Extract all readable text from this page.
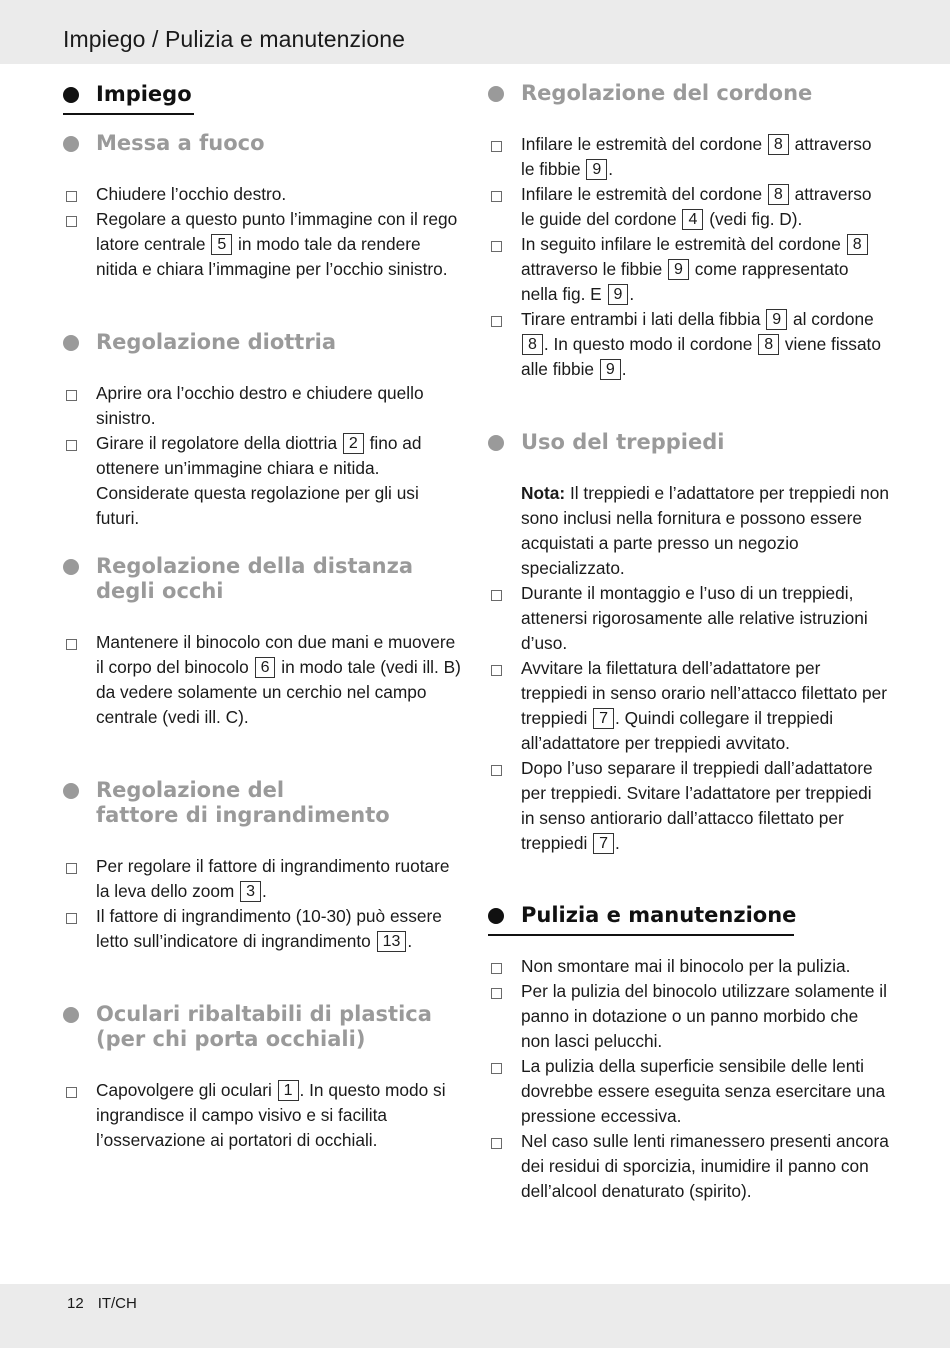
Impiego / Pulizia e manutenzione
Impiego
Messa a fuoco
Chiudere l’occhio destro.
Regolare a questo punto l’immagine con il rego latore centrale 5 in modo tale da rendere nitida e chiara l’immagine per l’occhio sinistro.
Regolazione diottria
Aprire ora l’occhio destro e chiudere quello sinistro.
Girare il regolatore della diottria 2 fino ad ottenere un’immagine chiara e nitida. Considerate questa regolazione per gli usi futuri.
Regolazione della distanza
degli occhi
Mantenere il binocolo con due mani e muovere il corpo del binocolo 6 in modo tale (vedi ill. B) da vedere solamente un cerchio nel campo centrale (vedi ill. C).
Regolazione del
fattore di ingrandimento
Per regolare il fattore di ingrandimento ruotare la leva dello zoom 3 .
Il fattore di ingrandimento (10-30) può essere letto sull’indicatore di ingrandimento 13 .
Oculari ribaltabili di plastica
(per chi porta occhiali)
Capovolgere gli oculari 1 . In questo modo si ingrandisce il campo visivo e si facilita l’osservazione ai portatori di occhiali.
Regolazione del cordone
Infilare le estremità del cordone 8 attraverso le fibbie 9 .
Infilare le estremità del cordone 8 attraverso le guide del cordone 4 (vedi fig. D).
In seguito infilare le estremità del cordone 8 attraverso le fibbie 9 come rappresentato nella fig. E 9 .
Tirare entrambi i lati della fibbia 9 al cordone 8 . In questo modo il cordone 8 viene fissato alle fibbie 9 .
Uso del treppiedi
Nota: Il treppiedi e l’adattatore per treppiedi non sono inclusi nella fornitura e possono essere acquistati a parte presso un negozio specializzato.
Durante il montaggio e l’uso di un treppiedi, attenersi rigorosamente alle relative istruzioni d’uso.
Avvitare la filettatura dell’adattatore per treppiedi in senso orario nell’attacco filettato per treppiedi 7 . Quindi collegare il treppiedi all’adattatore per treppiedi avvitato.
Dopo l’uso separare il treppiedi dall’adattatore per treppiedi. Svitare l’adattatore per treppiedi in senso antiorario dall’attacco filettato per treppiedi 7 .
Pulizia e manutenzione
Non smontare mai il binocolo per la pulizia.
Per la pulizia del binocolo utilizzare solamente il panno in dotazione o un panno morbido che non lasci pelucchi.
La pulizia della superficie sensibile delle lenti dovrebbe essere eseguita senza esercitare una pressione eccessiva.
Nel caso sulle lenti rimanessero presenti ancora dei residui di sporcizia, inumidire il panno con dell’alcool denaturato (spirito).
12 IT/CH
